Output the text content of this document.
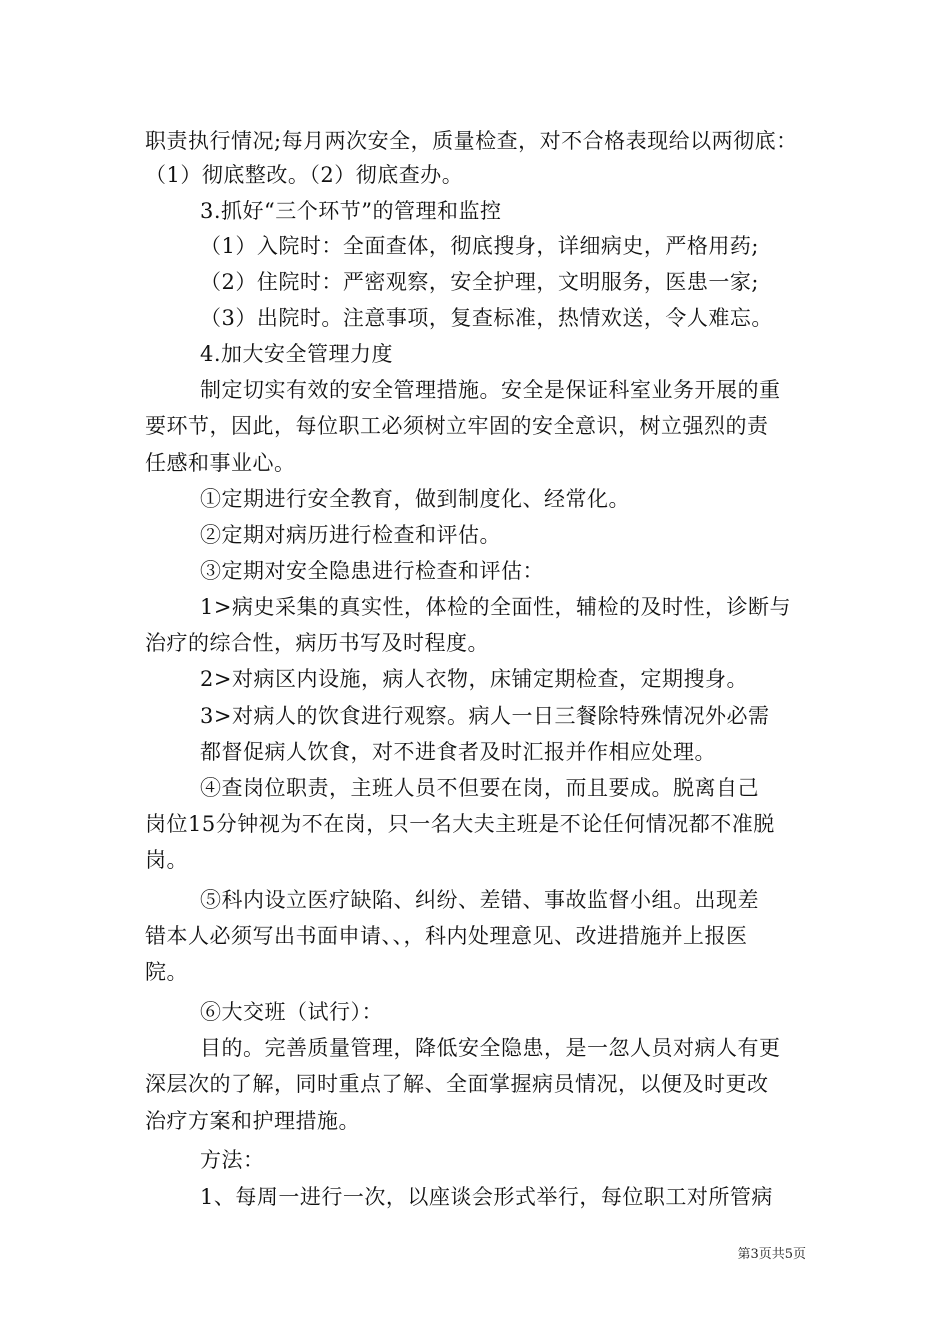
职责执行情况;每月两次安全，质量检查，对不合格表现给以两彻底：
（1）彻底整改。（2）彻底查办。
3.抓好“三个环节”的管理和监控
（1）入院时：全面查体，彻底搜身，详细病史，严格用药;
（2）住院时：严密观察，安全护理，文明服务，医患一家;
（3）出院时。注意事项，复查标准，热情欢送，令人难忘。
4.加大安全管理力度
制定切实有效的安全管理措施。安全是保证科室业务开展的重
要环节，因此，每位职工必须树立牢固的安全意识，树立强烈的责
任感和事业心。
①定期进行安全教育，做到制度化、经常化。
②定期对病历进行检查和评估。
③定期对安全隐患进行检查和评估：
1>病史采集的真实性，体检的全面性，辅检的及时性，诊断与
治疗的综合性，病历书写及时程度。
2>对病区内设施，病人衣物，床铺定期检查，定期搜身。
3>对病人的饮食进行观察。病人一日三餐除特殊情况外必需
都督促病人饮食，对不进食者及时汇报并作相应处理。
④查岗位职责，主班人员不但要在岗，而且要成。脱离自己
岗位15分钟视为不在岗，只一名大夫主班是不论任何情况都不准脱
岗。
⑤科内设立医疗缺陷、纠纷、差错、事故监督小组。出现差
错本人必须写出书面申请、、，科内处理意见、改进措施并上报医
院。
⑥大交班（试行）：
目的。完善质量管理，降低安全隐患，是一忽人员对病人有更
深层次的了解，同时重点了解、全面掌握病员情况，以便及时更改
治疗方案和护理措施。
方法：
1、每周一进行一次，以座谈会形式举行，每位职工对所管病
第3页共5页
